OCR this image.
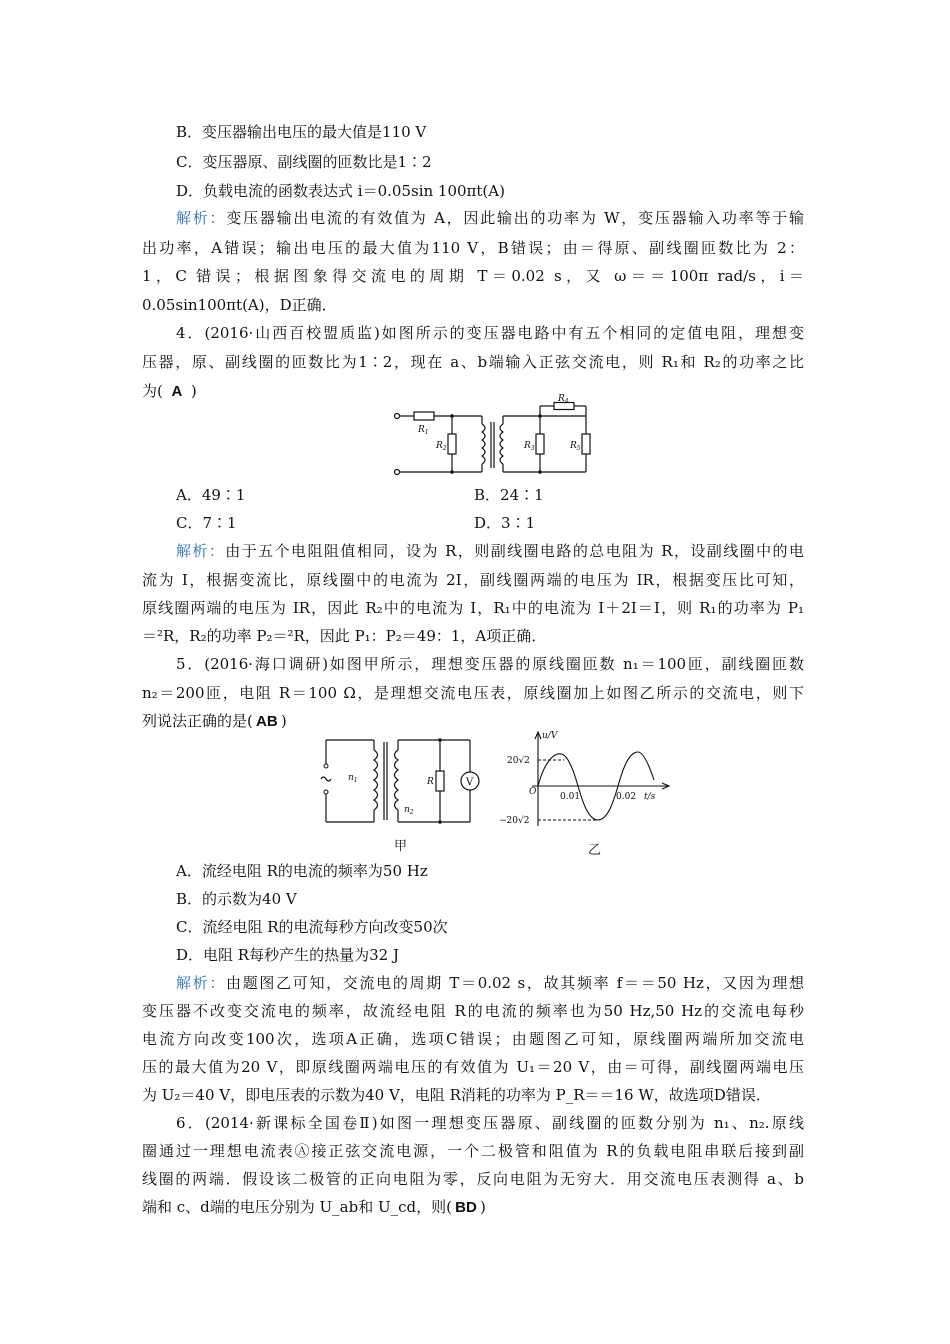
B．变压器输出电压的最大值是110 V
C．变压器原、副线圈的匝数比是1∶2
D．负载电流的函数表达式 i＝0.05sin 100πt(A)
解析：变压器输出电流的有效值为 A，因此输出的功率为 W，变压器输入功率等于输
出功率，A错误；输出电压的最大值为110 V，B错误；由＝得原、副线圈匝数比为 2：
1，C 错误；根据图象得交流电的周期 T＝0.02 s，又 ω＝＝100π rad/s，i＝
0.05sin100πt(A)，D正确．
4．(2016·山西百校盟质监)如图所示的变压器电路中有五个相同的定值电阻，理想变
压器，原、副线圈的匝数比为1∶2，现在 a、b端输入正弦交流电，则 R₁和 R₂的功率之比
为( A )
$R_1$
$R_2$	$R_3$
$R_4$
$R_5$
A．49∶1	B．24∶1
C．7∶1	D．3∶1
解析：由于五个电阻阻值相同，设为 R，则副线圈电路的总电阻为 R，设副线圈中的电
流为 I，根据变流比，原线圈中的电流为 2I，副线圈两端的电压为 IR，根据变压比可知，
原线圈两端的电压为 IR，因此 R₂中的电流为 I，R₁中的电流为 I＋2I＝I，则 R₁的功率为 P₁
＝²R，R₂的功率 P₂＝²R，因此 P₁：P₂＝49：1，A项正确．
5．(2016·海口调研)如图甲所示，理想变压器的原线圈匝数 n₁＝100匝，副线圈匝数
n₂＝200匝，电阻 R＝100 Ω，是理想交流电压表，原线圈加上如图乙所示的交流电，则下
列说法正确的是( AB )
$n_1$
$n_2$
R	V
甲
u/V
20√2
−20√2
O	0.01	0.02 t/s
乙
A．流经电阻 R的电流的频率为50 Hz
B．的示数为40 V
C．流经电阻 R的电流每秒方向改变50次
D．电阻 R每秒产生的热量为32 J
解析：由题图乙可知，交流电的周期 T＝0.02 s，故其频率 f＝＝50 Hz，又因为理想
变压器不改变交流电的频率，故流经电阻 R的电流的频率也为50 Hz,50 Hz的交流电每秒
电流方向改变100次，选项A正确，选项C错误；由题图乙可知，原线圈两端所加交流电
压的最大值为20 V，即原线圈两端电压的有效值为 U₁＝20 V，由＝可得，副线圈两端电压
为 U₂＝40 V，即电压表的示数为40 V，电阻 R消耗的功率为 P_R＝＝16 W，故选项D错误．
6．(2014·新课标全国卷Ⅱ)如图一理想变压器原、副线圈的匝数分别为 n₁、n₂.原线
圈通过一理想电流表Ⓐ接正弦交流电源，一个二极管和阻值为 R的负载电阻串联后接到副
线圈的两端．假设该二极管的正向电阻为零，反向电阻为无穷大．用交流电压表测得 a、b
端和 c、d端的电压分别为 U_ab和 U_cd，则( BD )
